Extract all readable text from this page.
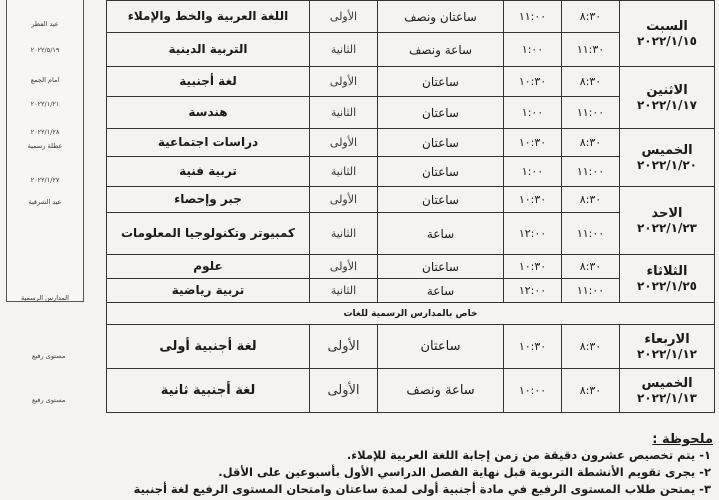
عيد الفطر
٢٠٢٢/٥/١٩
امام الجمع
٢٠٢٢/١/٢١
٢٠٢٢/١/٢٨
عطلة رسمية
٢٠٢٢/١/٢٧
عيد الشرقية
المدارس الرسمية
السبت
٢٠٢٢/١/١٥	٨:٣٠	١١:٠٠	ساعتان ونصف	الأولى	اللغة العربية والخط والإملاء
	١١:٣٠	١:٠٠	ساعة ونصف	الثانية	التربية الدينية

الاثنين
٢٠٢٢/١/١٧	٨:٣٠	١٠:٣٠	ساعتان	الأولى	لغة أجنبية
	١١:٠٠	١:٠٠	ساعتان	الثانية	هندسة

الخميس
٢٠٢٢/١/٢٠	٨:٣٠	١٠:٣٠	ساعتان	الأولى	دراسات اجتماعية
	١١:٠٠	١:٠٠	ساعتان	الثانية	تربية فنية

الاحد
٢٠٢٢/١/٢٣	٨:٣٠	١٠:٣٠	ساعتان	الأولى	جبر وإحصاء
	١١:٠٠	١٢:٠٠	ساعة	الثانية	كمبيوتر وتكنولوجيا المعلومات

الثلاثاء
٢٠٢٢/١/٢٥	٨:٣٠	١٠:٣٠	ساعتان	الأولى	علوم
	١١:٠٠	١٢:٠٠	ساعة	الثانية	تربية رياضية
خاص بالمدارس الرسمية للغات					

الاربعاء
٢٠٢٢/١/١٢	٨:٣٠	١٠:٣٠	ساعتان	الأولى	لغة أجنبية أولى

الخميس
٢٠٢٢/١/١٣	٨:٣٠	١٠:٠٠	ساعة ونصف	الأولى	لغة أجنبية ثانية
مستوى رفيع
مستوى رفيع
ملحوظة :
١- يتم تخصيص عشرون دقيقة من زمن إجابة اللغة العربية للإملاء.
٢- يجرى تقويم الأنشطة التربوية قبل نهاية الفصل الدراسي الأول بأسبوعين على الأقل.
٣- يمتحن طلاب المستوى الرفيع في مادة أجنبية أولى لمدة ساعتان وامتحان المستوى الرفيع لغة أجنبية
